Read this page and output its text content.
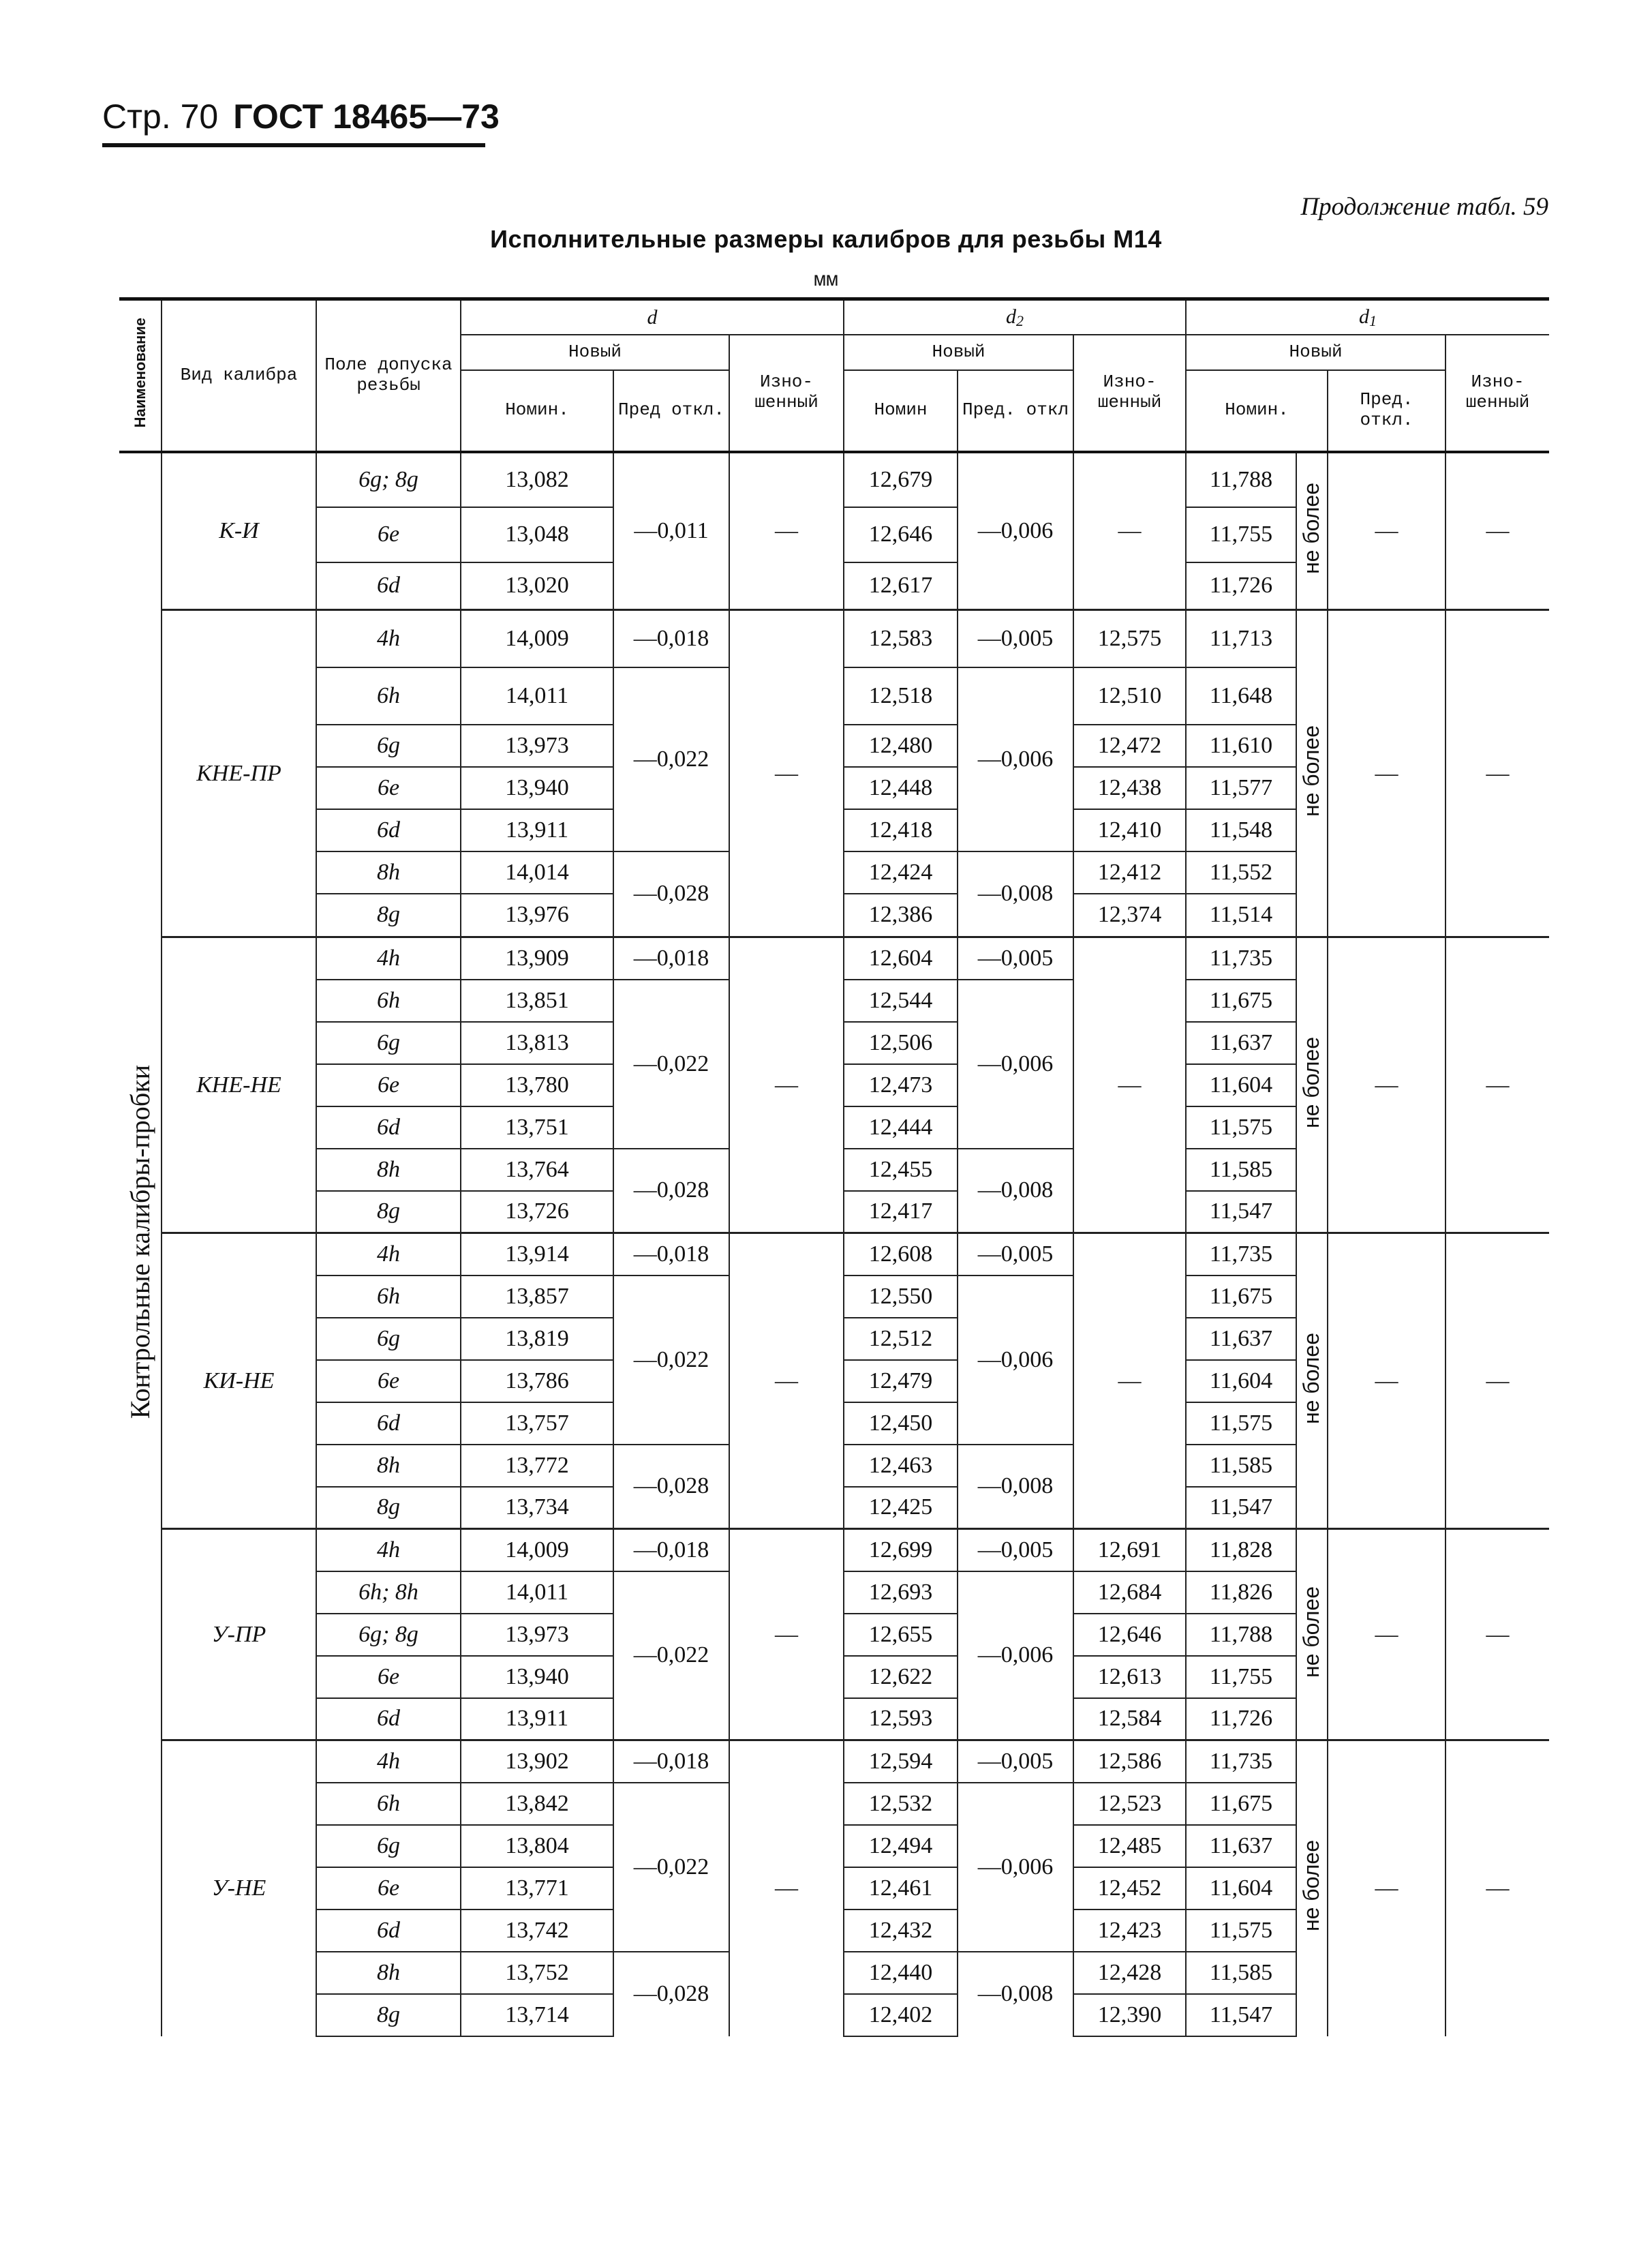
Стр. 70 ГОСТ 18465—73
Продолжение табл. 59
Исполнительные размеры калибров для резьбы М14
мм
Наименование	Вид калибра	Поле допуска резьбы	d			d2			d1			
			Новый		Изно-шенный	Новый		Изно-шенный	Новый			Изно-шенный
			Номин.	Пред откл.		Номин	Пред. откл		Номин.		Пред. откл.	
Контрольные калибры-пробки	К-И	6g; 8g	13,082	—0,011	—	12,679	—0,006	—	11,788	не более	—	—
		6e	13,048			12,646			11,755			
		6d	13,020			12,617			11,726			
	КНЕ-ПР	4h	14,009	—0,018	—	12,583	—0,005	12,575	11,713	не более	—	—
		6h	14,011	—0,022		12,518	—0,006	12,510	11,648			
		6g	13,973			12,480		12,472	11,610			
		6e	13,940			12,448		12,438	11,577			
		6d	13,911			12,418		12,410	11,548			
		8h	14,014	—0,028		12,424	—0,008	12,412	11,552			
		8g	13,976			12,386		12,374	11,514			
	КНЕ-НЕ	4h	13,909	—0,018	—	12,604	—0,005	—	11,735	не более	—	—
		6h	13,851	—0,022		12,544	—0,006		11,675			
		6g	13,813			12,506			11,637			
		6e	13,780			12,473			11,604			
		6d	13,751			12,444			11,575			
		8h	13,764	—0,028		12,455	—0,008		11,585			
		8g	13,726			12,417			11,547			
	КИ-НЕ	4h	13,914	—0,018	—	12,608	—0,005	—	11,735	не более	—	—
		6h	13,857	—0,022		12,550	—0,006		11,675			
		6g	13,819			12,512			11,637			
		6e	13,786			12,479			11,604			
		6d	13,757			12,450			11,575			
		8h	13,772	—0,028		12,463	—0,008		11,585			
		8g	13,734			12,425			11,547			
	У-ПР	4h	14,009	—0,018	—	12,699	—0,005	12,691	11,828	не более	—	—
		6h; 8h	14,011	—0,022		12,693	—0,006	12,684	11,826			
		6g; 8g	13,973			12,655		12,646	11,788			
		6e	13,940			12,622		12,613	11,755			
		6d	13,911			12,593		12,584	11,726			
	У-НЕ	4h	13,902	—0,018	—	12,594	—0,005	12,586	11,735	не более	—	—
		6h	13,842	—0,022		12,532	—0,006	12,523	11,675			
		6g	13,804			12,494		12,485	11,637			
		6e	13,771			12,461		12,452	11,604			
		6d	13,742			12,432		12,423	11,575			
		8h	13,752	—0,028		12,440	—0,008	12,428	11,585			
		8g	13,714			12,402		12,390	11,547			
